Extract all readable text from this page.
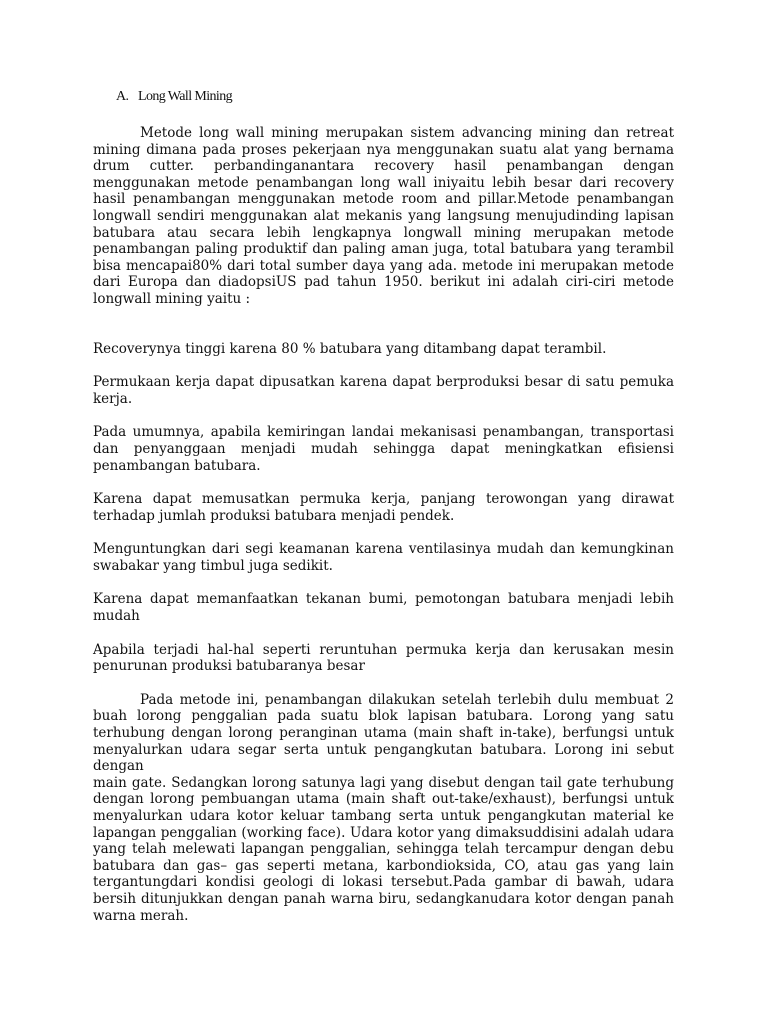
A. Long Wall Mining

Metode long wall mining merupakan sistem advancing mining dan retreat mining dimana pada proses pekerjaan nya menggunakan suatu alat yang bernama drum cutter. perbandinganantara recovery hasil penambangan dengan menggunakan metode penambangan long wall iniyaitu lebih besar dari recovery hasil penambangan menggunakan metode room and pillar.Metode penambangan longwall sendiri menggunakan alat mekanis yang langsung menujudinding lapisan batubara atau secara lebih lengkapnya longwall mining merupakan metode penambangan paling produktif dan paling aman juga, total batubara yang terambil bisa mencapai80% dari total sumber daya yang ada. metode ini merupakan metode dari Europa dan diadopsiUS pad tahun 1950. berikut ini adalah ciri-ciri metode longwall mining yaitu :

Recoverynya tinggi karena 80 % batubara yang ditambang dapat terambil.

Permukaan kerja dapat dipusatkan karena dapat berproduksi besar di satu pemuka kerja.

Pada umumnya, apabila kemiringan landai mekanisasi penambangan, transportasi dan penyanggaan menjadi mudah sehingga dapat meningkatkan efisiensi penambangan batubara.

Karena dapat memusatkan permuka kerja, panjang terowongan yang dirawat terhadap jumlah produksi batubara menjadi pendek.

Menguntungkan dari segi keamanan karena ventilasinya mudah dan kemungkinan swabakar yang timbul juga sedikit.

Karena dapat memanfaatkan tekanan bumi, pemotongan batubara menjadi lebih mudah

Apabila terjadi hal-hal seperti reruntuhan permuka kerja dan kerusakan mesin penurunan produksi batubaranya besar

Pada metode ini, penambangan dilakukan setelah terlebih dulu membuat 2 buah lorong penggalian pada suatu blok lapisan batubara. Lorong yang satu terhubung dengan lorong peranginan utama (main shaft in-take), berfungsi untuk menyalurkan udara segar serta untuk pengangkutan batubara. Lorong ini sebut dengan

main gate. Sedangkan lorong satunya lagi yang disebut dengan tail gate terhubung dengan lorong pembuangan utama (main shaft out-take/exhaust), berfungsi untuk menyalurkan udara kotor keluar tambang serta untuk pengangkutan material ke lapangan penggalian (working face). Udara kotor yang dimaksuddisini adalah udara yang telah melewati lapangan penggalian, sehingga telah tercampur dengan debu batubara dan gas– gas seperti metana, karbondioksida, CO, atau gas yang lain tergantungdari kondisi geologi di lokasi tersebut.Pada gambar di bawah, udara bersih ditunjukkan dengan panah warna biru, sedangkanudara kotor dengan panah warna merah.
